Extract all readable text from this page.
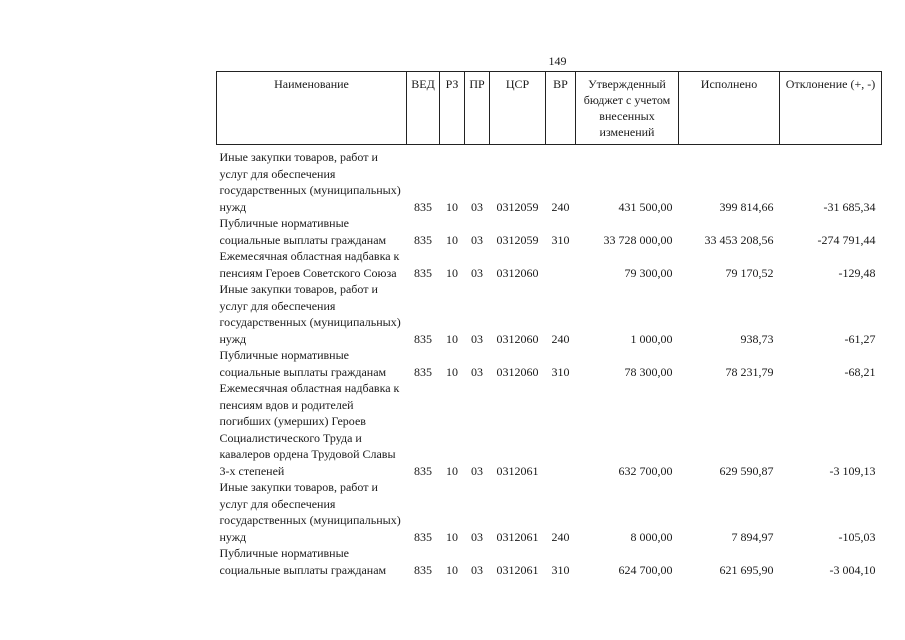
149
Наименование	ВЕД	РЗ	ПР	ЦСР	ВР	Утвержденный бюджет с учетом внесенных изменений	Исполнено	Отклонение (+, -)
Иные закупки товаров, работ и услуг для обеспечения государственных (муниципальных) нужд	835	10	03	0312059	240	431 500,00	399 814,66	-31 685,34
Публичные нормативные социальные выплаты гражданам	835	10	03	0312059	310	33 728 000,00	33 453 208,56	-274 791,44
Ежемесячная областная надбавка к пенсиям Героев Советского Союза	835	10	03	0312060		79 300,00	79 170,52	-129,48
Иные закупки товаров, работ и услуг для обеспечения государственных (муниципальных) нужд	835	10	03	0312060	240	1 000,00	938,73	-61,27
Публичные нормативные социальные выплаты гражданам	835	10	03	0312060	310	78 300,00	78 231,79	-68,21
Ежемесячная областная надбавка к пенсиям вдов и родителей погибших (умерших) Героев Социалистического Труда и кавалеров ордена Трудовой Славы 3-х степеней	835	10	03	0312061		632 700,00	629 590,87	-3 109,13
Иные закупки товаров, работ и услуг для обеспечения государственных (муниципальных) нужд	835	10	03	0312061	240	8 000,00	7 894,97	-105,03
Публичные нормативные социальные выплаты гражданам	835	10	03	0312061	310	624 700,00	621 695,90	-3 004,10
